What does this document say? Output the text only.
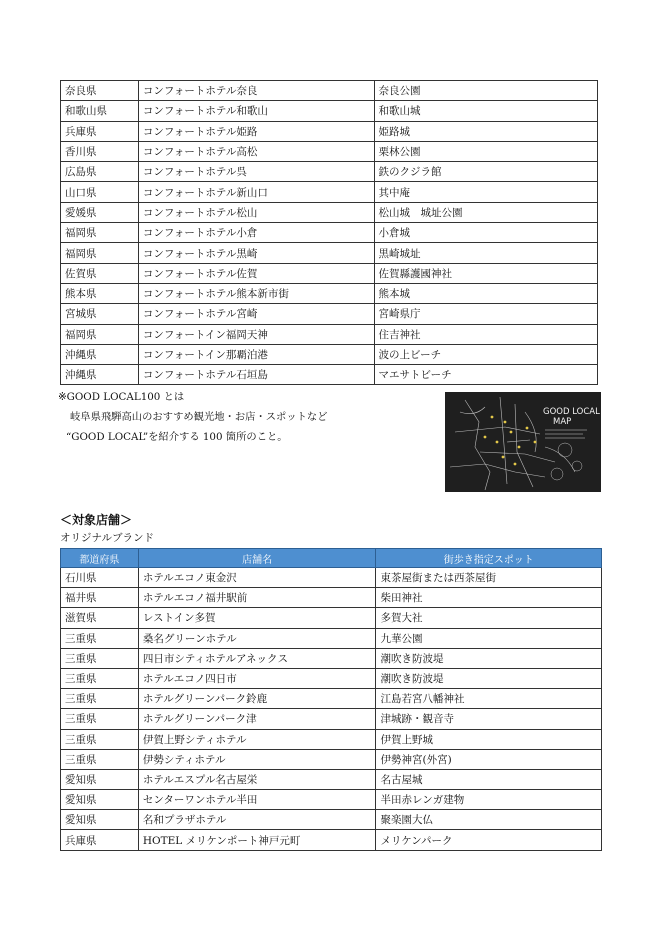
奈良県	コンフォートホテル奈良	奈良公園
和歌山県	コンフォートホテル和歌山	和歌山城
兵庫県	コンフォートホテル姫路	姫路城
香川県	コンフォートホテル高松	栗林公園
広島県	コンフォートホテル呉	鉄のクジラ館
山口県	コンフォートホテル新山口	其中庵
愛媛県	コンフォートホテル松山	松山城　城址公園
福岡県	コンフォートホテル小倉	小倉城
福岡県	コンフォートホテル黒崎	黒崎城址
佐賀県	コンフォートホテル佐賀	佐賀縣護國神社
熊本県	コンフォートホテル熊本新市街	熊本城
宮城県	コンフォートホテル宮崎	宮崎県庁
福岡県	コンフォートイン福岡天神	住吉神社
沖縄県	コンフォートイン那覇泊港	波の上ビーチ
沖縄県	コンフォートホテル石垣島	マエサトビーチ
※GOOD LOCAL100 とは
岐阜県飛騨高山のおすすめ観光地・お店・スポットなど
“GOOD LOCAL”を紹介する 100 箇所のこと。
GOOD LOCAL
MAP
＜対象店舗＞
オリジナルブランド
都道府県	店舗名	街歩き指定スポット
石川県	ホテルエコノ東金沢	東茶屋街または西茶屋街
福井県	ホテルエコノ福井駅前	柴田神社
滋賀県	レストイン多賀	多賀大社
三重県	桑名グリーンホテル	九華公園
三重県	四日市シティホテルアネックス	潮吹き防波堤
三重県	ホテルエコノ四日市	潮吹き防波堤
三重県	ホテルグリーンパーク鈴鹿	江島若宮八幡神社
三重県	ホテルグリーンパーク津	津城跡・観音寺
三重県	伊賀上野シティホテル	伊賀上野城
三重県	伊勢シティホテル	伊勢神宮(外宮)
愛知県	ホテルエスプル名古屋栄	名古屋城
愛知県	センターワンホテル半田	半田赤レンガ建物
愛知県	名和プラザホテル	聚楽園大仏
兵庫県	HOTEL メリケンポート神戸元町	メリケンパーク
